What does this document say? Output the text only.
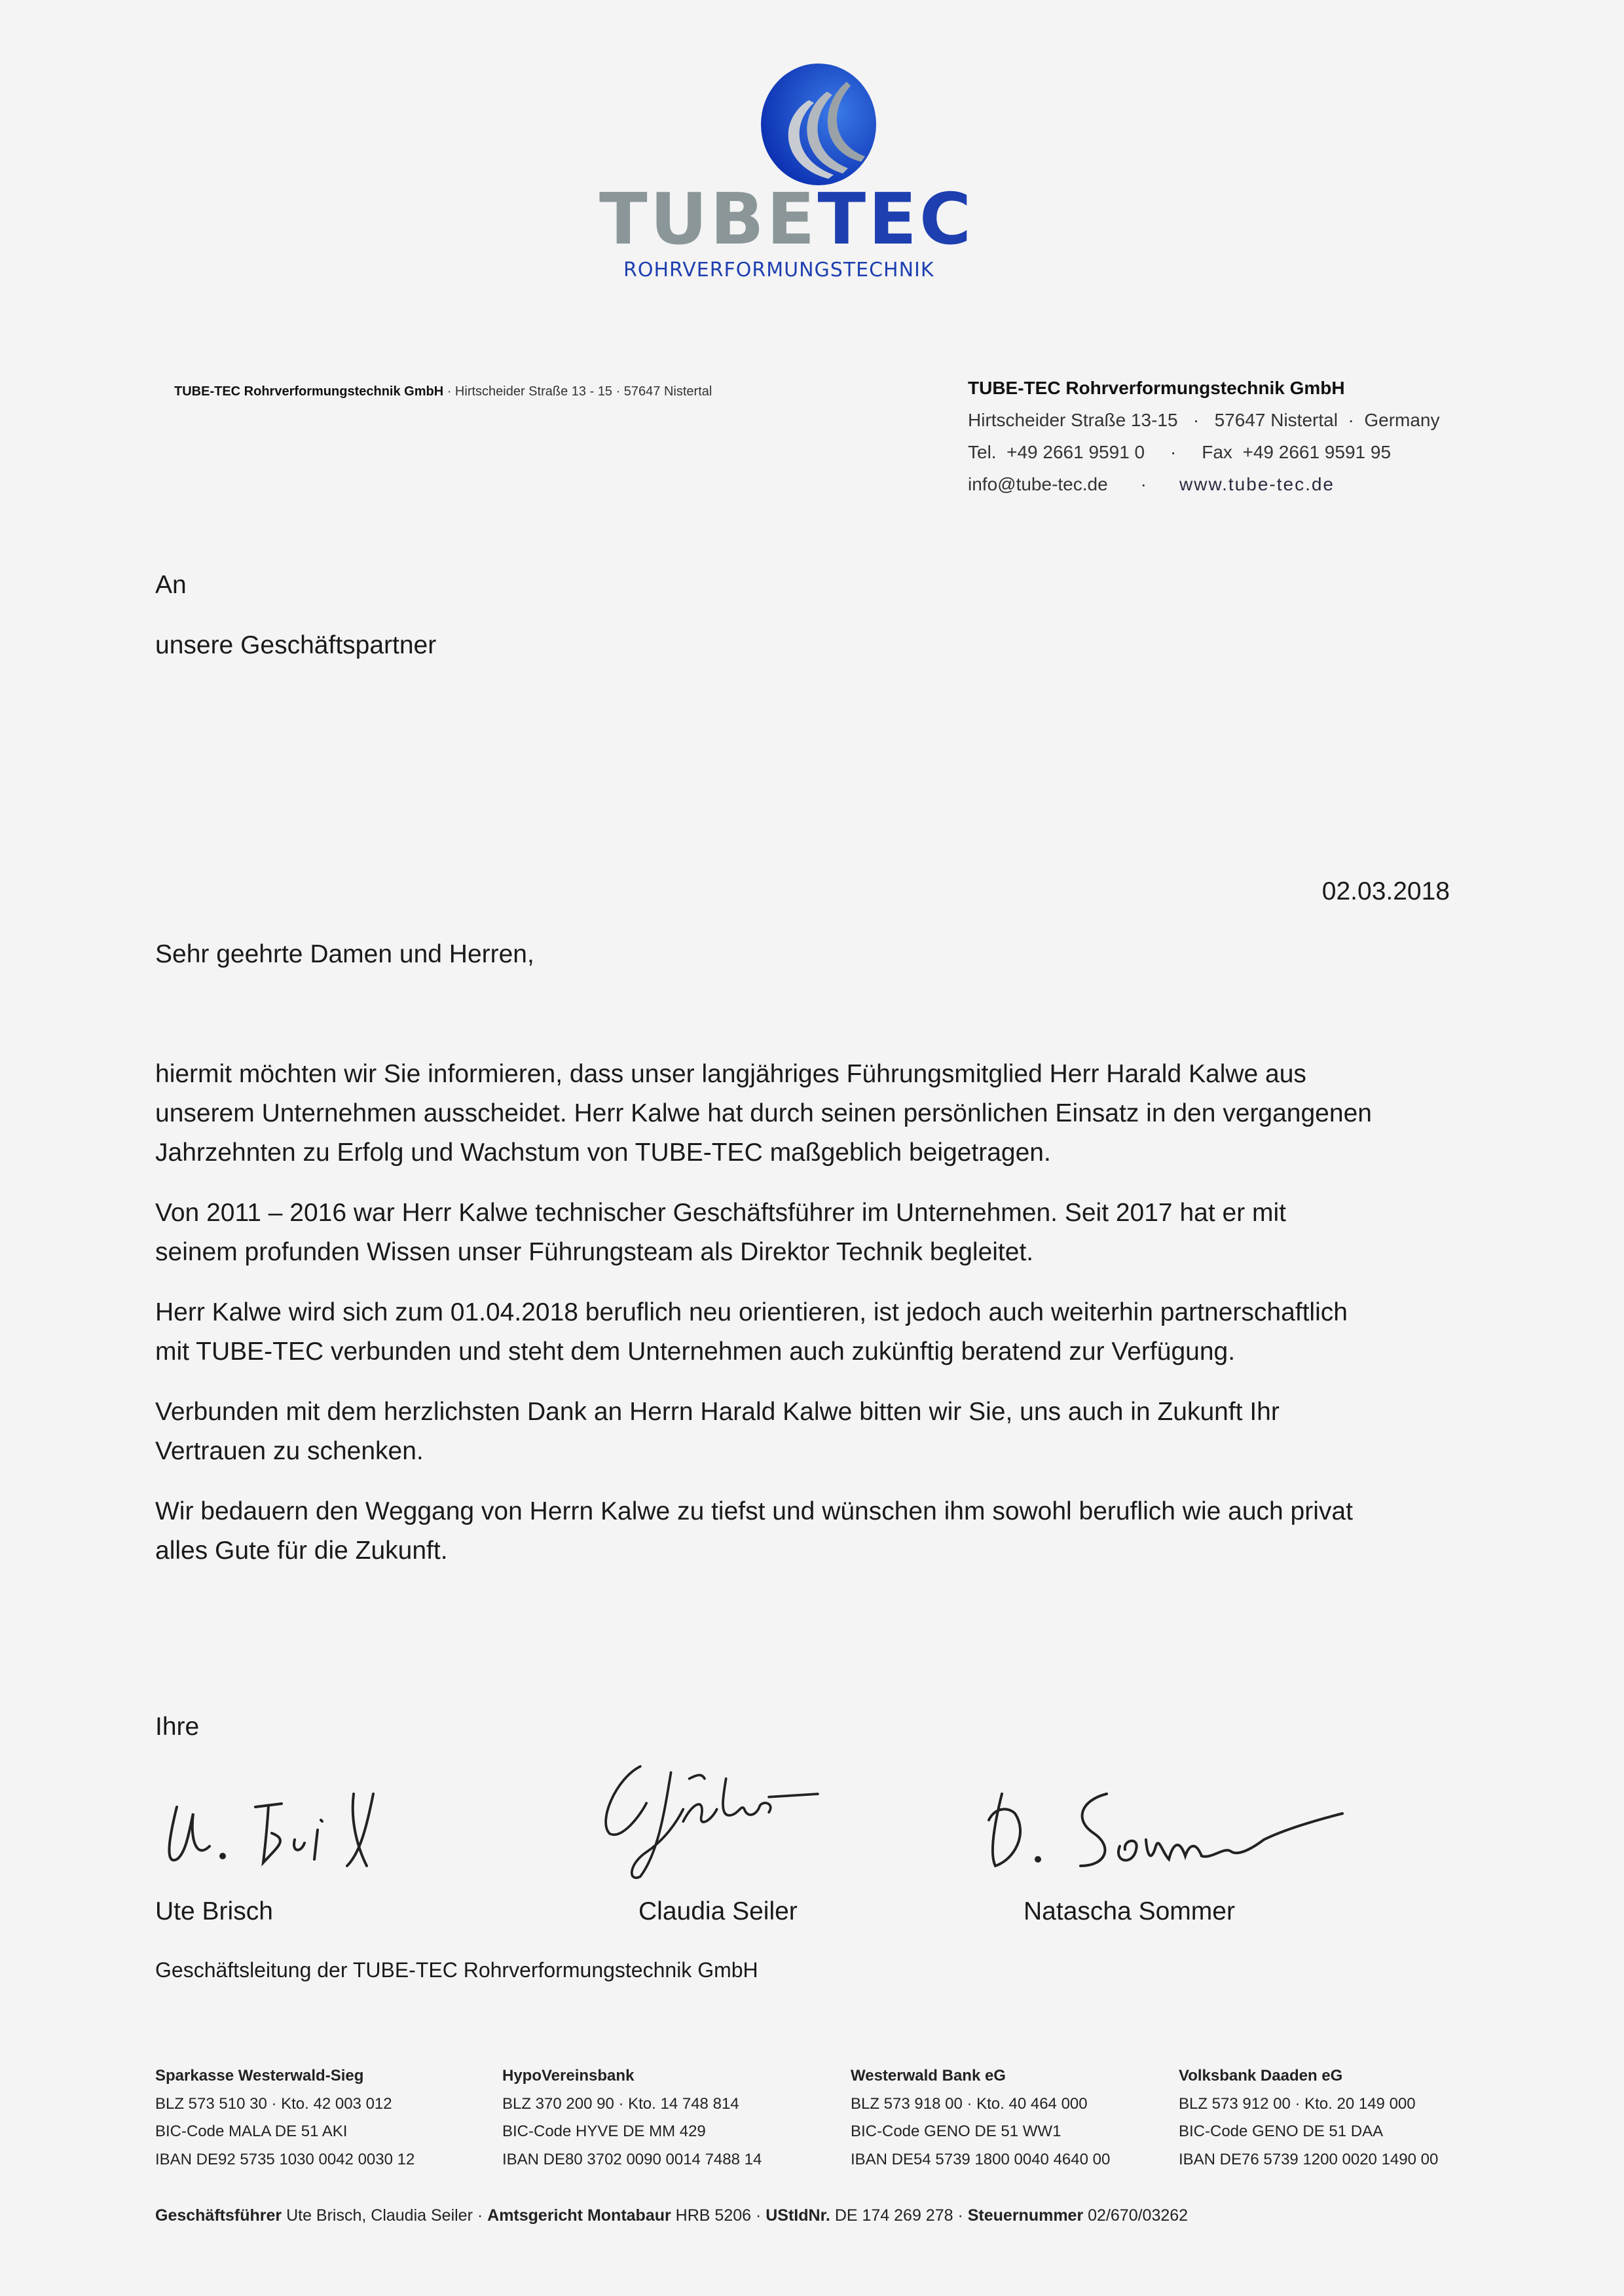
TUBETEC
ROHRVERFORMUNGSTECHNIK
TUBE-TEC Rohrverformungstechnik GmbH · Hirtscheider Straße 13 - 15 · 57647 Nistertal	TUBE-TEC Rohrverformungstechnik GmbH
Hirtscheider Straße 13-15   ·   57647 Nistertal  ·  Germany
Tel.  +49 2661 9591 0     ·     Fax  +49 2661 9591 95
info@tube-tec.de · www.tube-tec.de
An
unsere Geschäftspartner
02.03.2018
Sehr geehrte Damen und Herren,
hiermit möchten wir Sie informieren, dass unser langjähriges Führungsmitglied Herr Harald Kalwe aus
unserem Unternehmen ausscheidet. Herr Kalwe hat durch seinen persönlichen Einsatz in den vergangenen
Jahrzehnten zu Erfolg und Wachstum von TUBE-TEC maßgeblich beigetragen.
Von 2011 – 2016 war Herr Kalwe technischer Geschäftsführer im Unternehmen. Seit 2017 hat er mit
seinem profunden Wissen unser Führungsteam als Direktor Technik begleitet.
Herr Kalwe wird sich zum 01.04.2018 beruflich neu orientieren, ist jedoch auch weiterhin partnerschaftlich
mit TUBE-TEC verbunden und steht dem Unternehmen auch zukünftig beratend zur Verfügung.
Verbunden mit dem herzlichsten Dank an Herrn Harald Kalwe bitten wir Sie, uns auch in Zukunft Ihr
Vertrauen zu schenken.
Wir bedauern den Weggang von Herrn Kalwe zu tiefst und wünschen ihm sowohl beruflich wie auch privat
alles Gute für die Zukunft.
Ihre
Ute Brisch	Claudia Seiler	Natascha Sommer
Geschäftsleitung der TUBE-TEC Rohrverformungstechnik GmbH
Sparkasse Westerwald-Sieg
BLZ 573 510 30 · Kto. 42 003 012
BIC-Code MALA DE 51 AKI
IBAN DE92 5735 1030 0042 0030 12
HypoVereinsbank
BLZ 370 200 90 · Kto. 14 748 814
BIC-Code HYVE DE MM 429
IBAN DE80 3702 0090 0014 7488 14
Westerwald Bank eG
BLZ 573 918 00 · Kto. 40 464 000
BIC-Code GENO DE 51 WW1
IBAN DE54 5739 1800 0040 4640 00
Volksbank Daaden eG
BLZ 573 912 00 · Kto. 20 149 000
BIC-Code GENO DE 51 DAA
IBAN DE76 5739 1200 0020 1490 00
Geschäftsführer Ute Brisch, Claudia Seiler · Amtsgericht Montabaur HRB 5206 · UStIdNr. DE 174 269 278 · Steuernummer 02/670/03262
